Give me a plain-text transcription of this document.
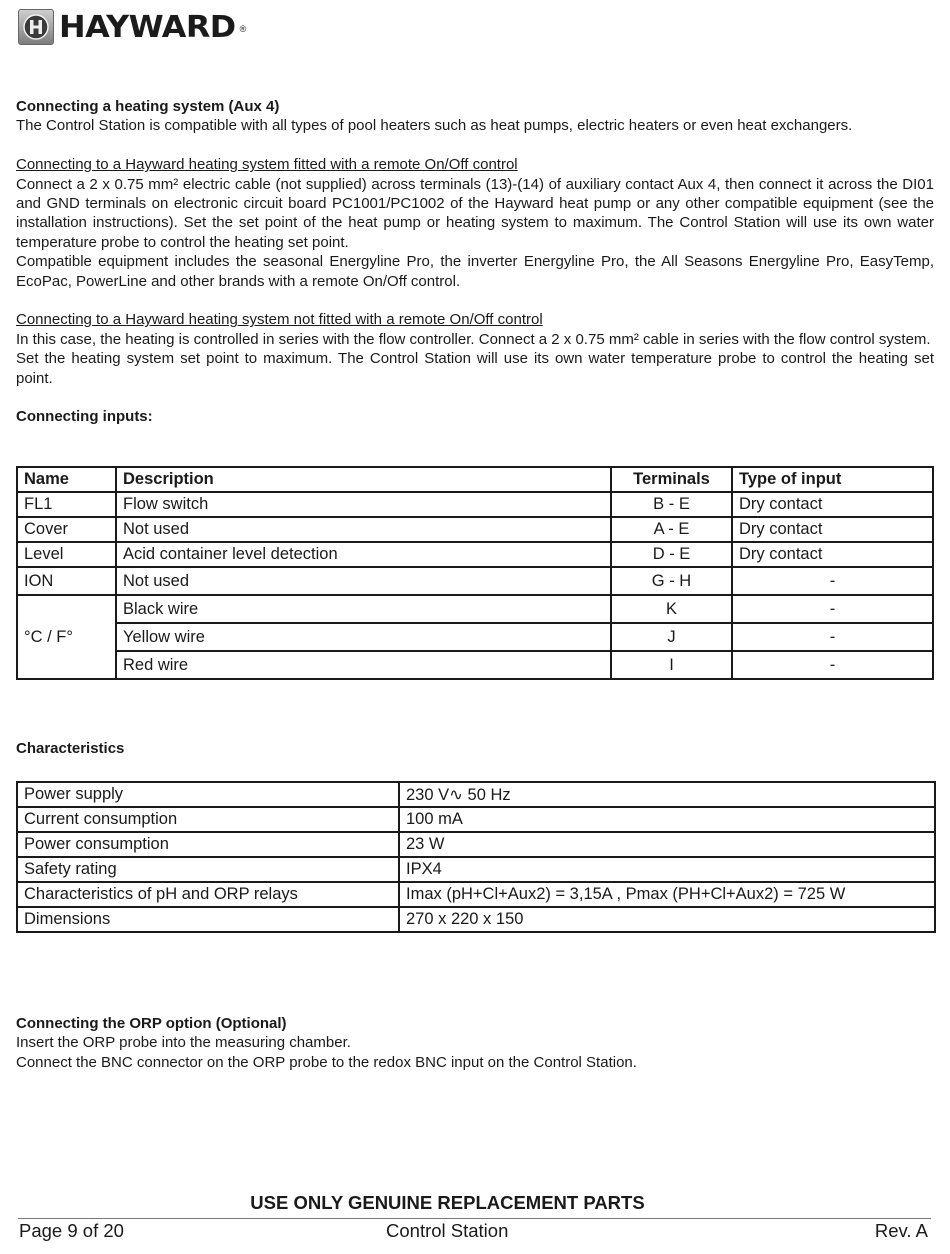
HAYWARD ®

Connecting a heating system (Aux 4)

The Control Station is compatible with all types of pool heaters such as heat pumps, electric heaters or even heat exchangers.

Connecting to a Hayward heating system fitted with a remote On/Off control

Connect a 2 x 0.75 mm² electric cable (not supplied) across terminals (13)-(14) of auxiliary contact Aux 4, then connect it across the DI01 and GND terminals on electronic circuit board PC1001/PC1002 of the Hayward heat pump or any other compatible equipment (see the installation instructions). Set the set point of the heat pump or heating system to maximum. The Control Station will use its own water temperature probe to control the heating set point.

Compatible equipment includes the seasonal Energyline Pro, the inverter Energyline Pro, the All Seasons Energyline Pro, EasyTemp, EcoPac, PowerLine and other brands with a remote On/Off control.

Connecting to a Hayward heating system not fitted with a remote On/Off control

In this case, the heating is controlled in series with the flow controller. Connect a 2 x 0.75 mm² cable in series with the flow control system.

Set the heating system set point to maximum. The Control Station will use its own water temperature probe to control the heating set point.

Connecting inputs:

Name	Description	Terminals	Type of input
FL1	Flow switch	B - E	Dry contact
Cover	Not used	A - E	Dry contact
Level	Acid container level detection	D - E	Dry contact
ION	Not used	G - H	-
°C / F°	Black wire	K	-
	Yellow wire	J	-
	Red wire	I	-
Characteristics
Power supply	230 V∿ 50 Hz
Current consumption	100 mA
Power consumption	23 W
Safety rating	IPX4
Characteristics of pH and ORP relays	Imax (pH+Cl+Aux2) = 3,15A , Pmax (PH+Cl+Aux2) = 725 W
Dimensions	270 x 220 x 150

Connecting the ORP option (Optional)

Insert the ORP probe into the measuring chamber.

Connect the BNC connector on the ORP probe to the redox BNC input on the Control Station.

USE ONLY GENUINE REPLACEMENT PARTS
Page 9 of 20	Control Station	Rev. A
